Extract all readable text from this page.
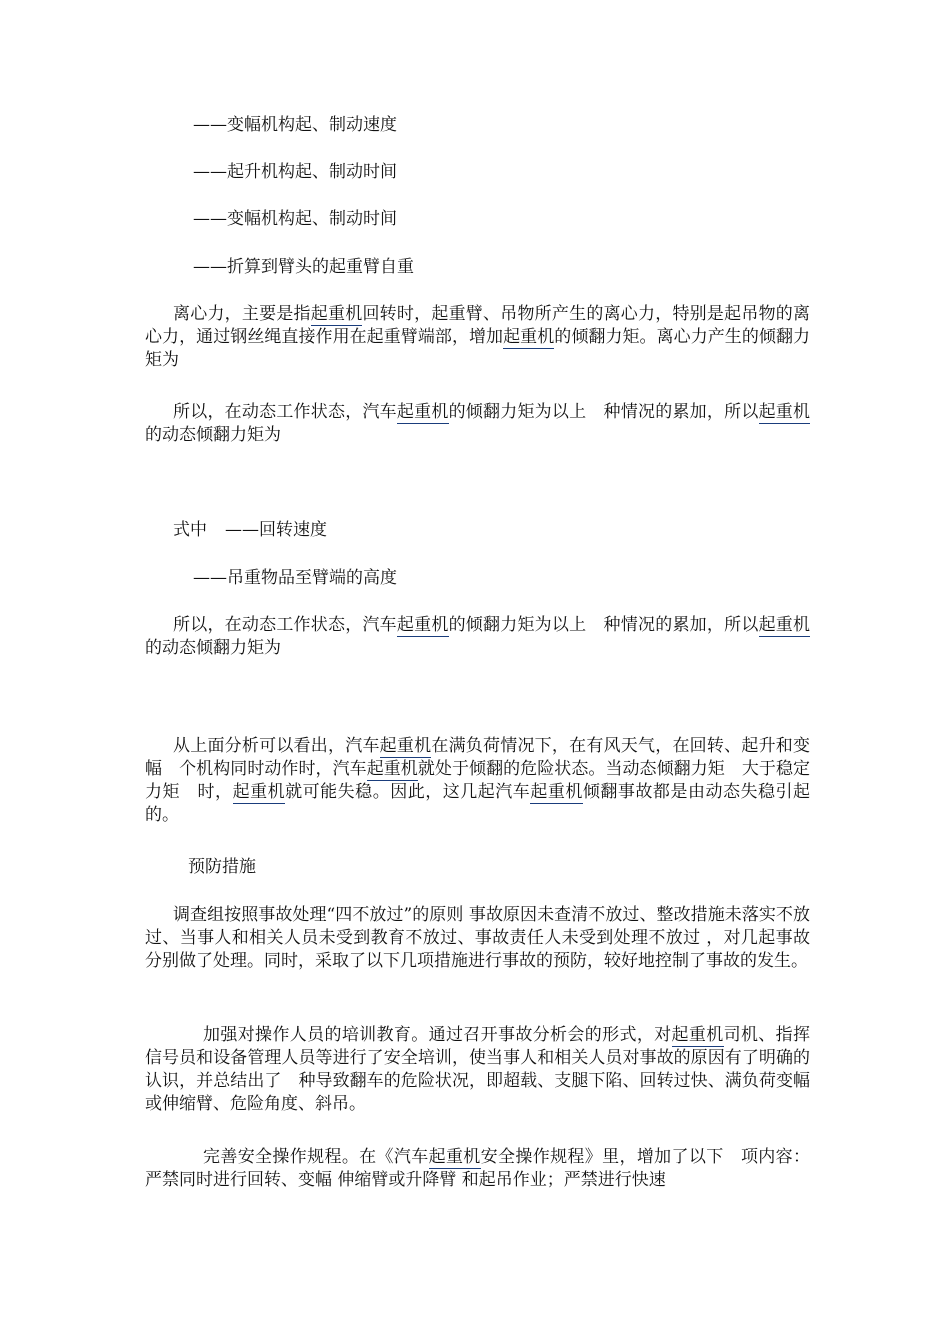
——变幅机构起、制动速度
——起升机构起、制动时间
——变幅机构起、制动时间
——折算到臂头的起重臂自重
离心力，主要是指起重机回转时，起重臂、吊物所产生的离心力，特别是起吊物的离心力，通过钢丝绳直接作用在起重臂端部，增加起重机的倾翻力矩。离心力产生的倾翻力矩为
所以，在动态工作状态，汽车起重机的倾翻力矩为以上　种情况的累加，所以起重机的动态倾翻力矩为
式中 ——回转速度
——吊重物品至臂端的高度
所以，在动态工作状态，汽车起重机的倾翻力矩为以上　种情况的累加，所以起重机的动态倾翻力矩为
从上面分析可以看出，汽车起重机在满负荷情况下，在有风天气，在回转、起升和变幅　个机构同时动作时，汽车起重机就处于倾翻的危险状态。当动态倾翻力矩　大于稳定力矩　时，起重机就可能失稳。因此，这几起汽车起重机倾翻事故都是由动态失稳引起的。
预防措施
调查组按照事故处理“四不放过”的原则 事故原因未查清不放过、整改措施未落实不放过、当事人和相关人员未受到教育不放过、事故责任人未受到处理不放过 ，对几起事故分别做了处理。同时，采取了以下几项措施进行事故的预防，较好地控制了事故的发生。
加强对操作人员的培训教育。通过召开事故分析会的形式，对起重机司机、指挥信号员和设备管理人员等进行了安全培训，使当事人和相关人员对事故的原因有了明确的认识，并总结出了　种导致翻车的危险状况，即超载、支腿下陷、回转过快、满负荷变幅或伸缩臂、危险角度、斜吊。
完善安全操作规程。在《汽车起重机安全操作规程》里，增加了以下　项内容：严禁同时进行回转、变幅 伸缩臂或升降臂 和起吊作业；严禁进行快速
